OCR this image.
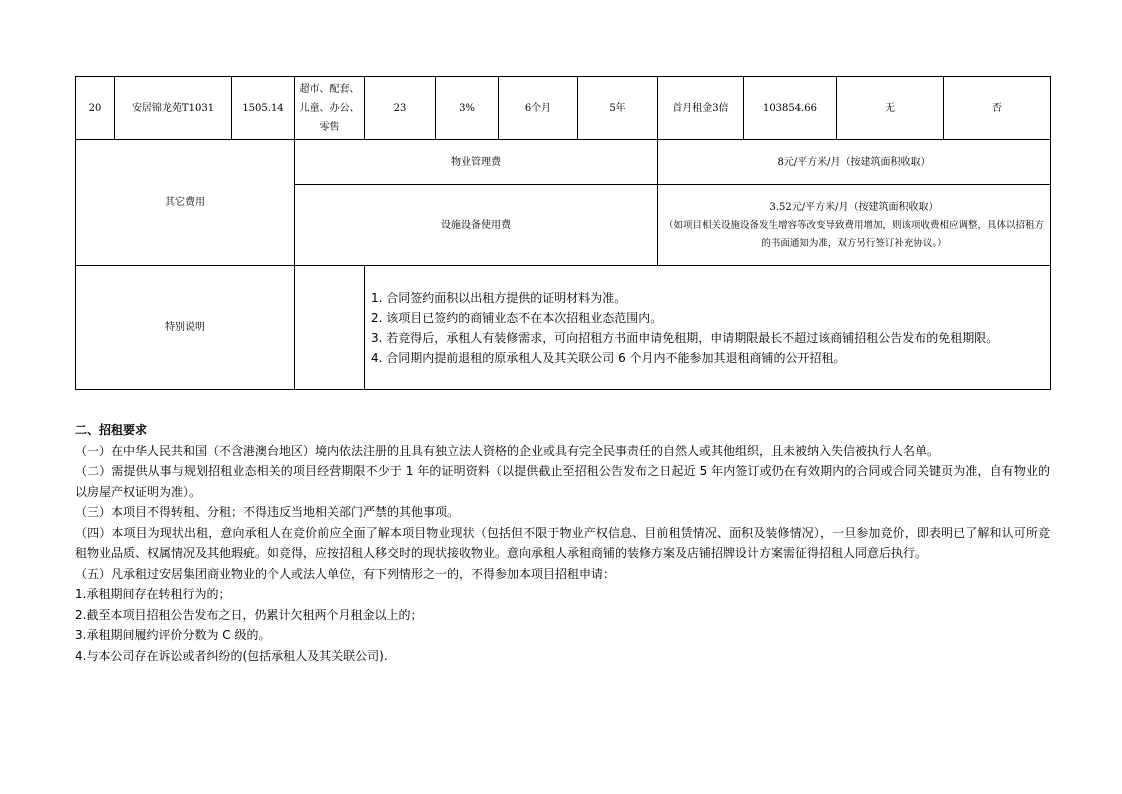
20	安居锦龙苑T1031	1505.14	超市、配套、儿童、办公、零售	23	3%	6个月	5年	首月租金3倍	103854.66	无	否
其它费用			物业管理费					8元/平方米/月（按建筑面积收取）			
			设施设备使用费					3.52元/平方米/月（按建筑面积收取）
（如项目相关设施设备发生增容等改变导致费用增加，则该项收费相应调整，具体以招租方的书面通知为准，双方另行签订补充协议。）			

特别说明				1. 合同签约面积以出租方提供的证明材料为准。
2. 该项目已签约的商铺业态不在本次招租业态范围内。
3. 若竞得后，承租人有装修需求，可向招租方书面申请免租期，申请期限最长不超过该商铺招租公告发布的免租期限。
4. 合同期内提前退租的原承租人及其关联公司 6 个月内不能参加其退租商铺的公开招租。							

二、招租要求

（一）在中华人民共和国（不含港澳台地区）境内依法注册的且具有独立法人资格的企业或具有完全民事责任的自然人或其他组织，且未被纳入失信被执行人名单。

（二）需提供从事与规划招租业态相关的项目经营期限不少于 1 年的证明资料（以提供截止至招租公告发布之日起近 5 年内签订或仍在有效期内的合同或合同关键页为准，自有物业的以房屋产权证明为准）。

（三）本项目不得转租、分租；不得违反当地相关部门严禁的其他事项。

（四）本项目为现状出租，意向承租人在竞价前应全面了解本项目物业现状（包括但不限于物业产权信息、目前租赁情况、面积及装修情况），一旦参加竞价，即表明已了解和认可所竞租物业品质、权属情况及其他瑕疵。如竞得，应按招租人移交时的现状接收物业。意向承租人承租商铺的装修方案及店铺招牌设计方案需征得招租人同意后执行。

（五）凡承租过安居集团商业物业的个人或法人单位，有下列情形之一的，不得参加本项目招租申请：

1.承租期间存在转租行为的；

2.截至本项目招租公告发布之日，仍累计欠租两个月租金以上的；

3.承租期间履约评价分数为 C 级的。

4.与本公司存在诉讼或者纠纷的(包括承租人及其关联公司).
